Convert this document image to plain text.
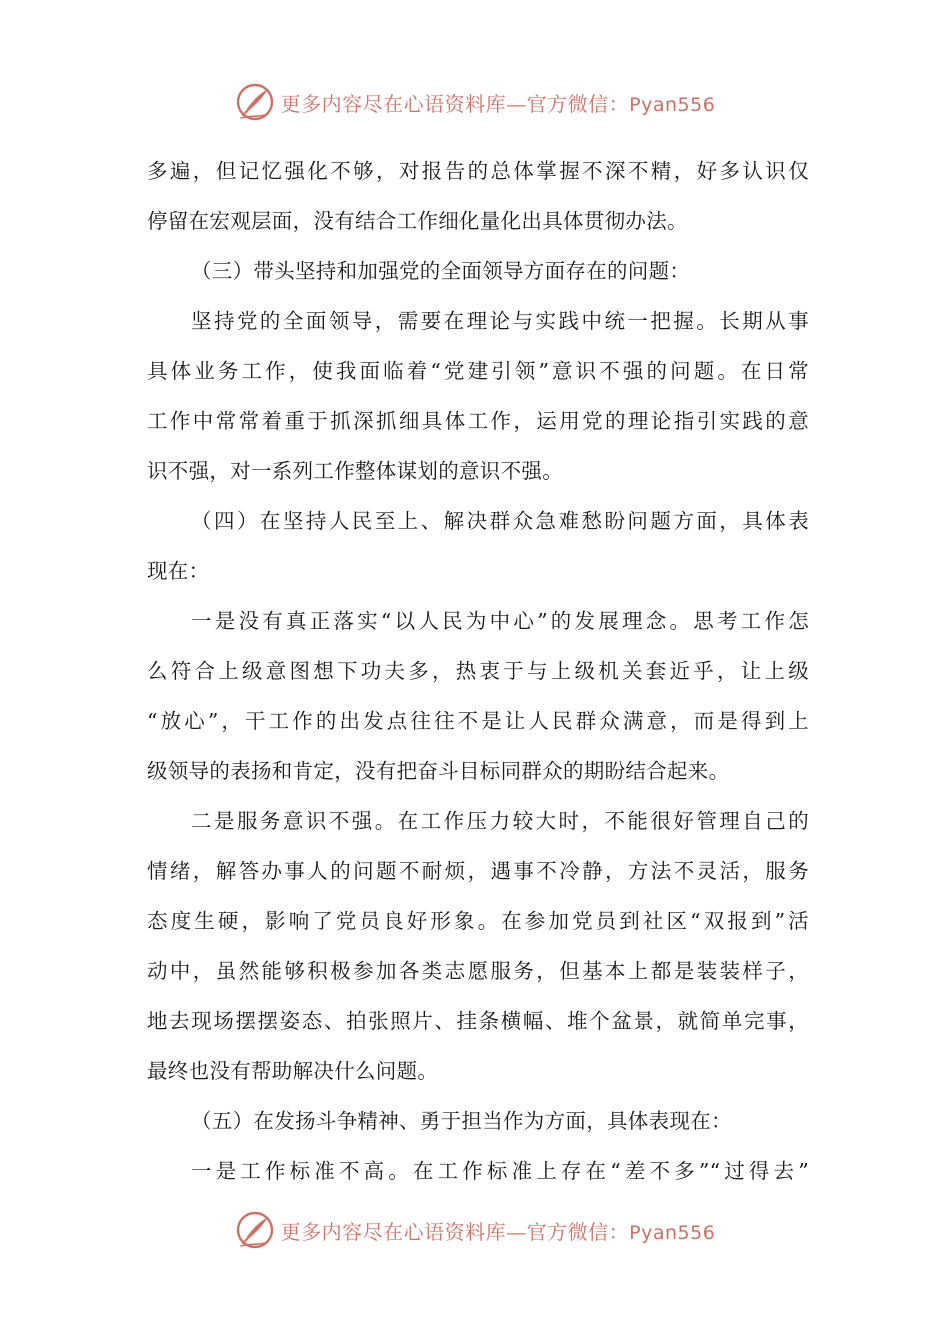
更多内容尽在心语资料库—官方微信：Pyan556
多遍，但记忆强化不够，对报告的总体掌握不深不精，好多认识仅
停留在宏观层面，没有结合工作细化量化出具体贯彻办法。
（三）带头坚持和加强党的全面领导方面存在的问题：
坚持党的全面领导，需要在理论与实践中统一把握。长期从事
具体业务工作，使我面临着“党建引领”意识不强的问题。在日常
工作中常常着重于抓深抓细具体工作，运用党的理论指引实践的意
识不强，对一系列工作整体谋划的意识不强。
（四）在坚持人民至上、解决群众急难愁盼问题方面，具体表
现在：
一是没有真正落实“以人民为中心”的发展理念。思考工作怎
么符合上级意图想下功夫多，热衷于与上级机关套近乎，让上级
“放心”，干工作的出发点往往不是让人民群众满意，而是得到上
级领导的表扬和肯定，没有把奋斗目标同群众的期盼结合起来。
二是服务意识不强。在工作压力较大时，不能很好管理自己的
情绪，解答办事人的问题不耐烦，遇事不冷静，方法不灵活，服务
态度生硬，影响了党员良好形象。在参加党员到社区“双报到”活
动中，虽然能够积极参加各类志愿服务，但基本上都是装装样子，
地去现场摆摆姿态、拍张照片、挂条横幅、堆个盆景，就简单完事，
最终也没有帮助解决什么问题。
（五）在发扬斗争精神、勇于担当作为方面，具体表现在：
一是工作标准不高。在工作标准上存在“差不多”“过得去”
更多内容尽在心语资料库—官方微信：Pyan556
